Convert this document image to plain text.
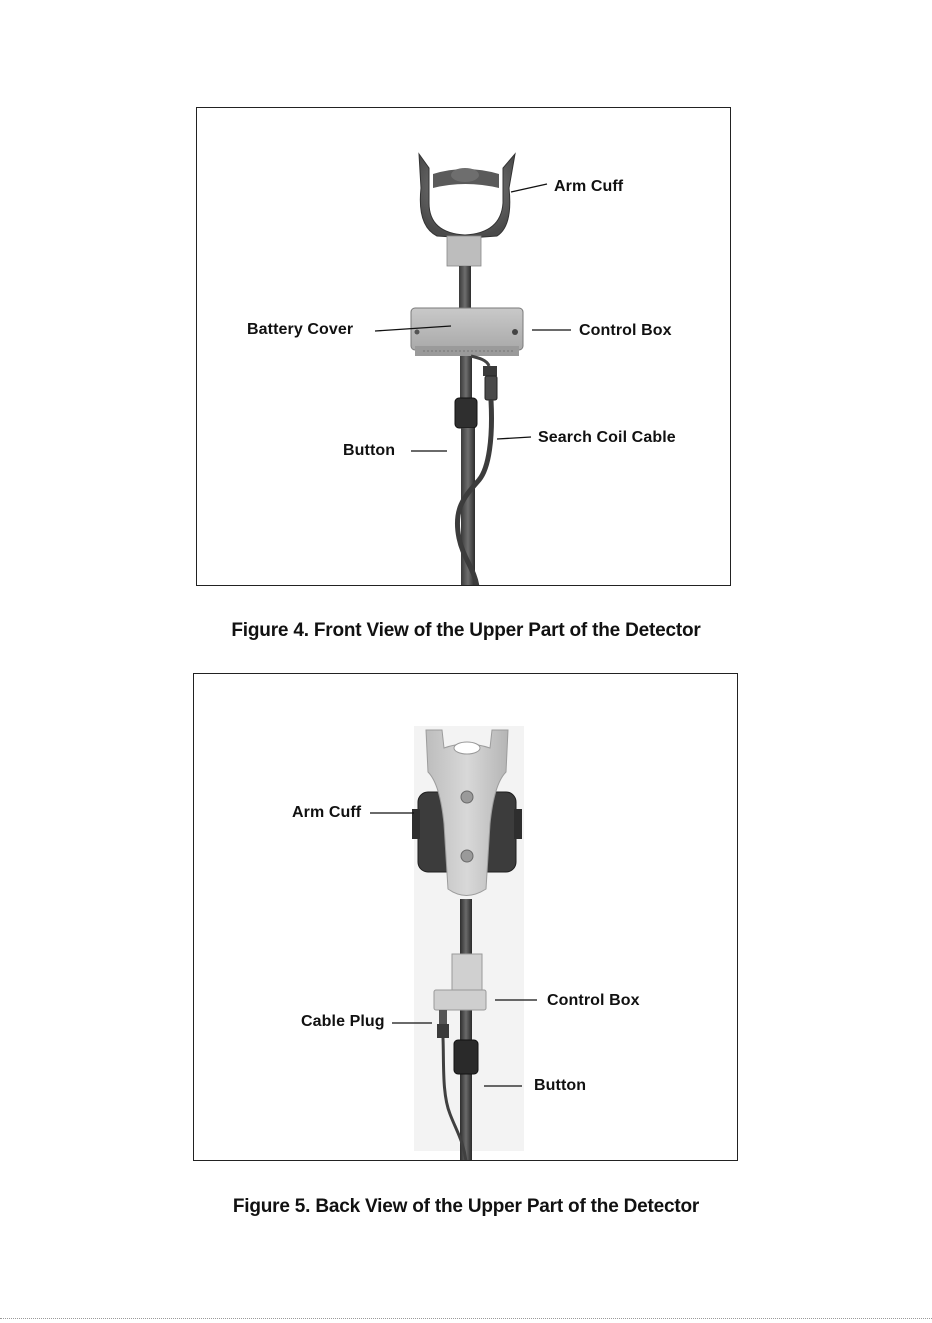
Arm Cuff
Battery Cover	Control Box
Button
Search Coil Cable
Figure 4. Front View of the Upper Part of the Detector
Arm Cuff
Control Box
Cable Plug
Button
Figure 5. Back View of the Upper Part of the Detector
